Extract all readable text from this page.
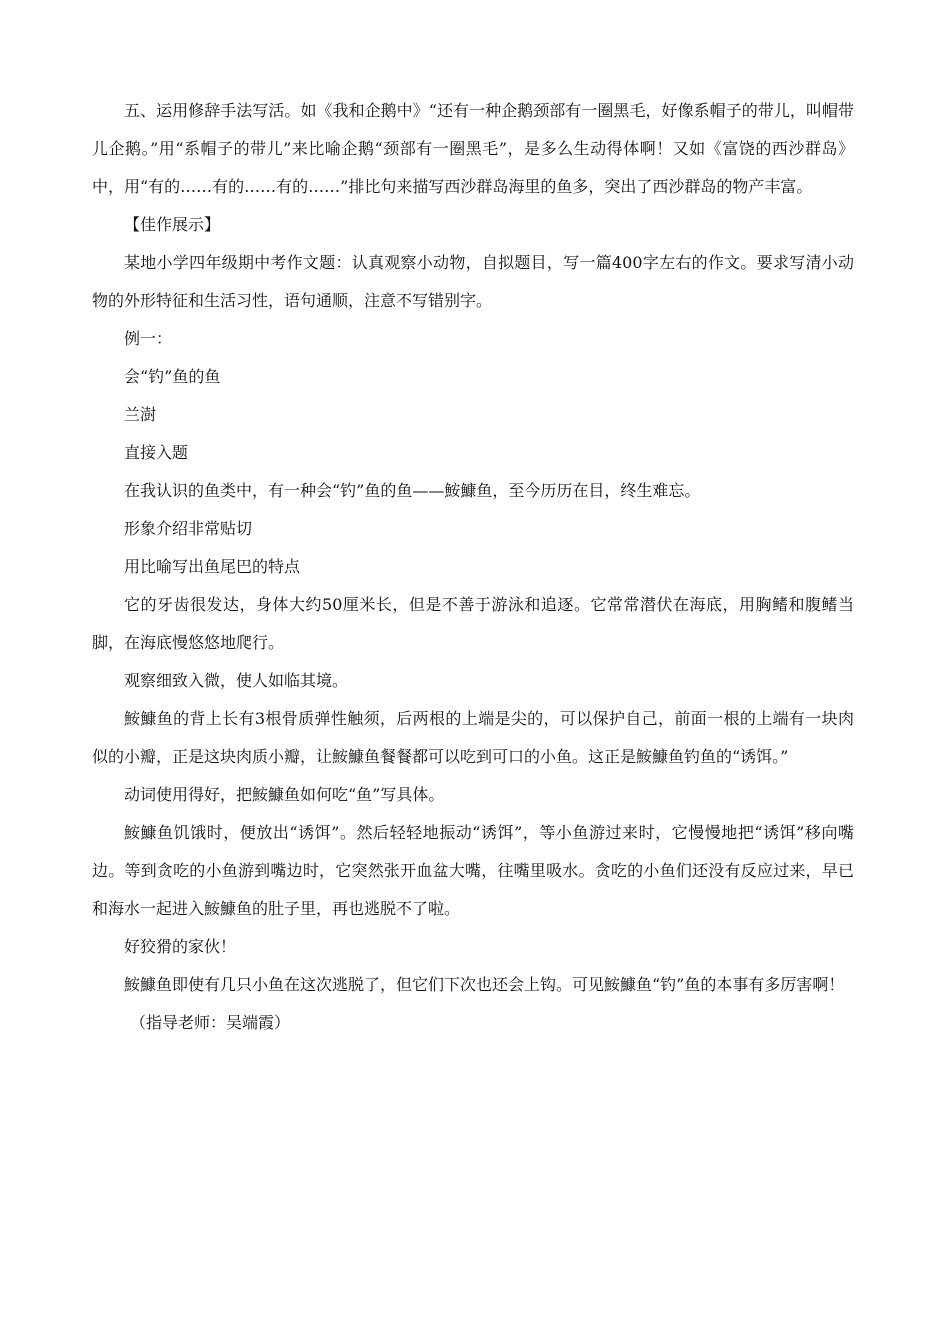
五、运用修辞手法写活。如《我和企鹅中》“还有一种企鹅颈部有一圈黑毛，好像系帽子的带儿，叫帽带儿企鹅。”用“系帽子的带儿”来比喻企鹅“颈部有一圈黑毛”，是多么生动得体啊！又如《富饶的西沙群岛》中，用“有的……有的……有的……”排比句来描写西沙群岛海里的鱼多，突出了西沙群岛的物产丰富。

【佳作展示】

某地小学四年级期中考作文题：认真观察小动物，自拟题目，写一篇400字左右的作文。要求写清小动物的外形特征和生活习性，语句通顺，注意不写错别字。

例一：

会“钓”鱼的鱼

兰澍

直接入题

在我认识的鱼类中，有一种会“钓”鱼的鱼——鮟鱇鱼，至今历历在目，终生难忘。

形象介绍非常贴切

用比喻写出鱼尾巴的特点

它的牙齿很发达，身体大约50厘米长，但是不善于游泳和追逐。它常常潜伏在海底，用胸鳍和腹鳍当脚，在海底慢悠悠地爬行。

观察细致入微，使人如临其境。

鮟鱇鱼的背上长有3根骨质弹性触须，后两根的上端是尖的，可以保护自己，前面一根的上端有一块肉似的小瓣，正是这块肉质小瓣，让鮟鱇鱼餐餐都可以吃到可口的小鱼。这正是鮟鱇鱼钓鱼的“诱饵。”

动词使用得好，把鮟鱇鱼如何吃“鱼”写具体。

鮟鱇鱼饥饿时，便放出“诱饵”。然后轻轻地振动“诱饵”，等小鱼游过来时，它慢慢地把“诱饵”移向嘴边。等到贪吃的小鱼游到嘴边时，它突然张开血盆大嘴，往嘴里吸水。贪吃的小鱼们还没有反应过来，早已和海水一起进入鮟鱇鱼的肚子里，再也逃脱不了啦。

好狡猾的家伙！

鮟鱇鱼即使有几只小鱼在这次逃脱了，但它们下次也还会上钩。可见鮟鱇鱼“钓”鱼的本事有多厉害啊！

（指导老师：吴端霞）
